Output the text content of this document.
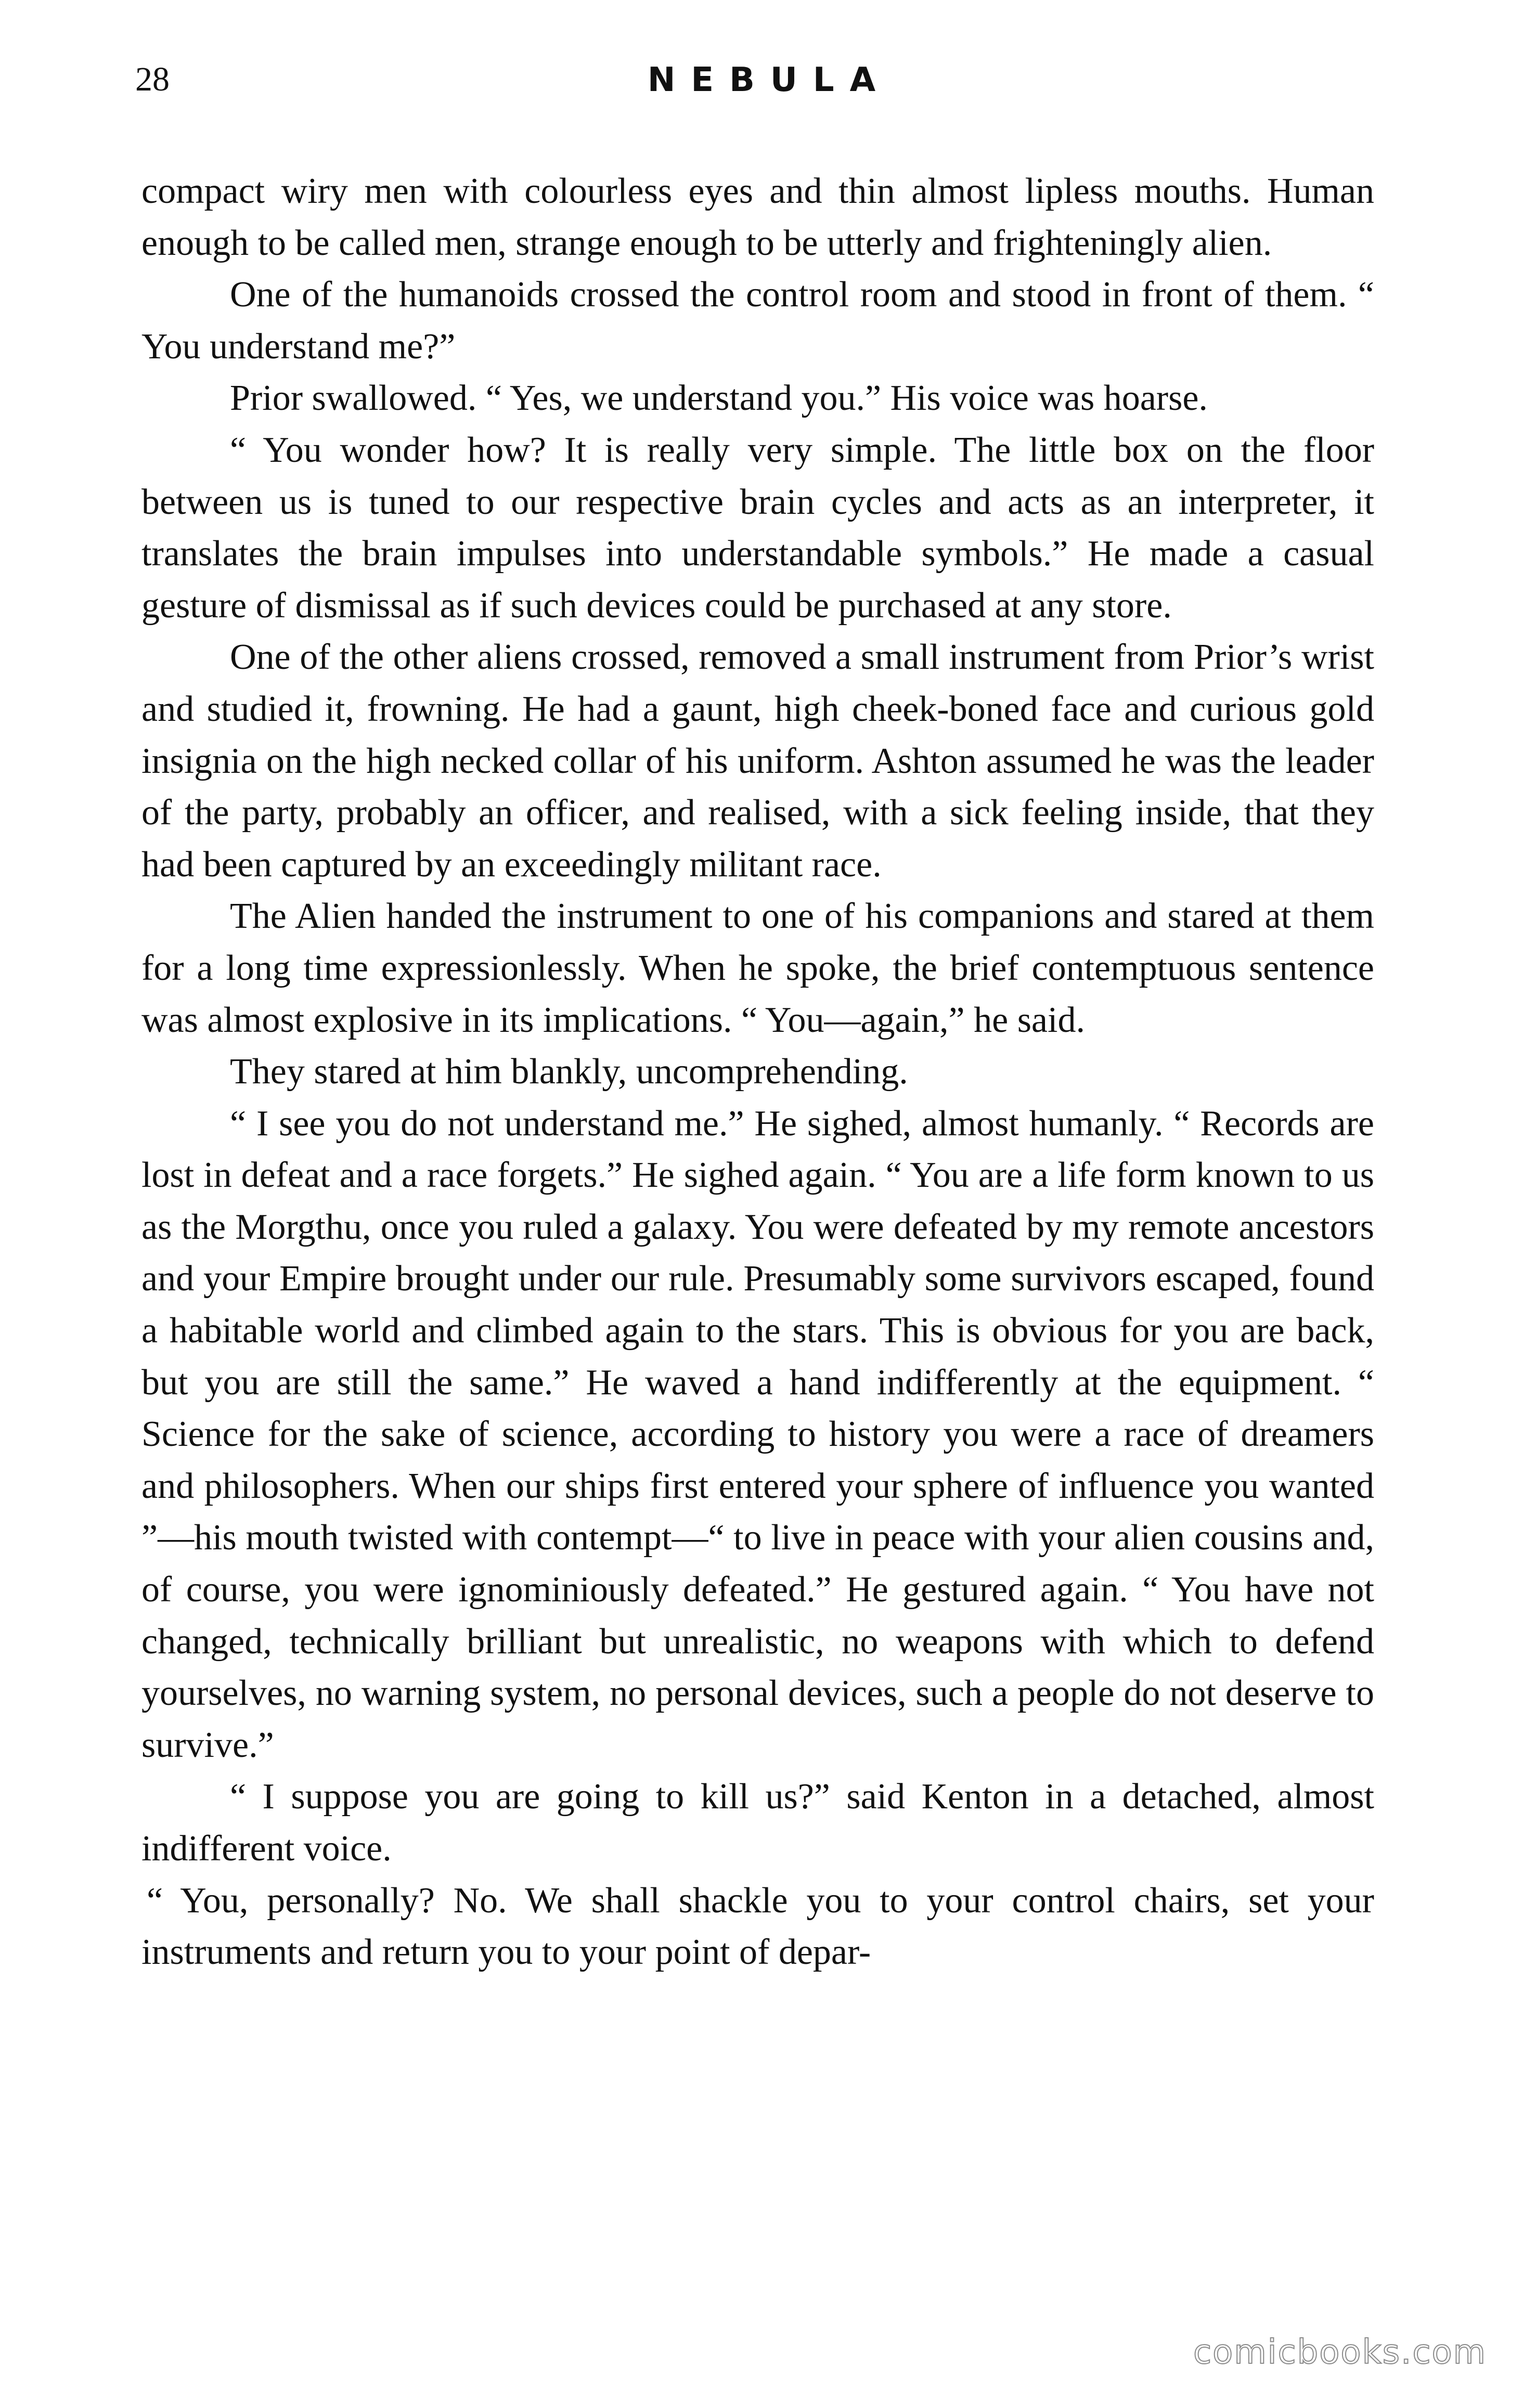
28	NEBULA

compact wiry men with colourless eyes and thin almost lipless mouths. Human enough to be called men, strange enough to be utterly and frighteningly alien.

One of the humanoids crossed the control room and stood in front of them. “ You understand me?”

Prior swallowed. “ Yes, we understand you.” His voice was hoarse.

“ You wonder how? It is really very simple. The little box on the floor between us is tuned to our respective brain cycles and acts as an interpreter, it translates the brain impulses into understandable symbols.” He made a casual gesture of dismissal as if such devices could be purchased at any store.

One of the other aliens crossed, removed a small instrument from Prior’s wrist and studied it, frowning. He had a gaunt, high cheek-boned face and curious gold insignia on the high necked collar of his uniform. Ashton assumed he was the leader of the party, probably an officer, and realised, with a sick feeling inside, that they had been captured by an exceedingly militant race.

The Alien handed the instrument to one of his companions and stared at them for a long time expressionlessly. When he spoke, the brief contemptuous sentence was almost explosive in its implications. “ You—again,” he said.

They stared at him blankly, uncomprehending.

“ I see you do not understand me.” He sighed, almost humanly. “ Records are lost in defeat and a race forgets.” He sighed again. “ You are a life form known to us as the Morgthu, once you ruled a galaxy. You were defeated by my remote ancestors and your Empire brought under our rule. Presumably some survivors escaped, found a habitable world and climbed again to the stars. This is obvious for you are back, but you are still the same.” He waved a hand indifferently at the equipment. “ Science for the sake of science, according to history you were a race of dreamers and philosophers. When our ships first entered your sphere of influence you wanted ”—his mouth twisted with contempt—“ to live in peace with your alien cousins and, of course, you were ignominiously defeated.” He gestured again. “ You have not changed, technically brilliant but unrealistic, no weapons with which to defend yourselves, no warning system, no personal devices, such a people do not deserve to survive.”

“ I suppose you are going to kill us?” said Kenton in a detached, almost indifferent voice.

“ You, personally? No. We shall shackle you to your control chairs, set your instruments and return you to your point of depar-

comicbooks.com
